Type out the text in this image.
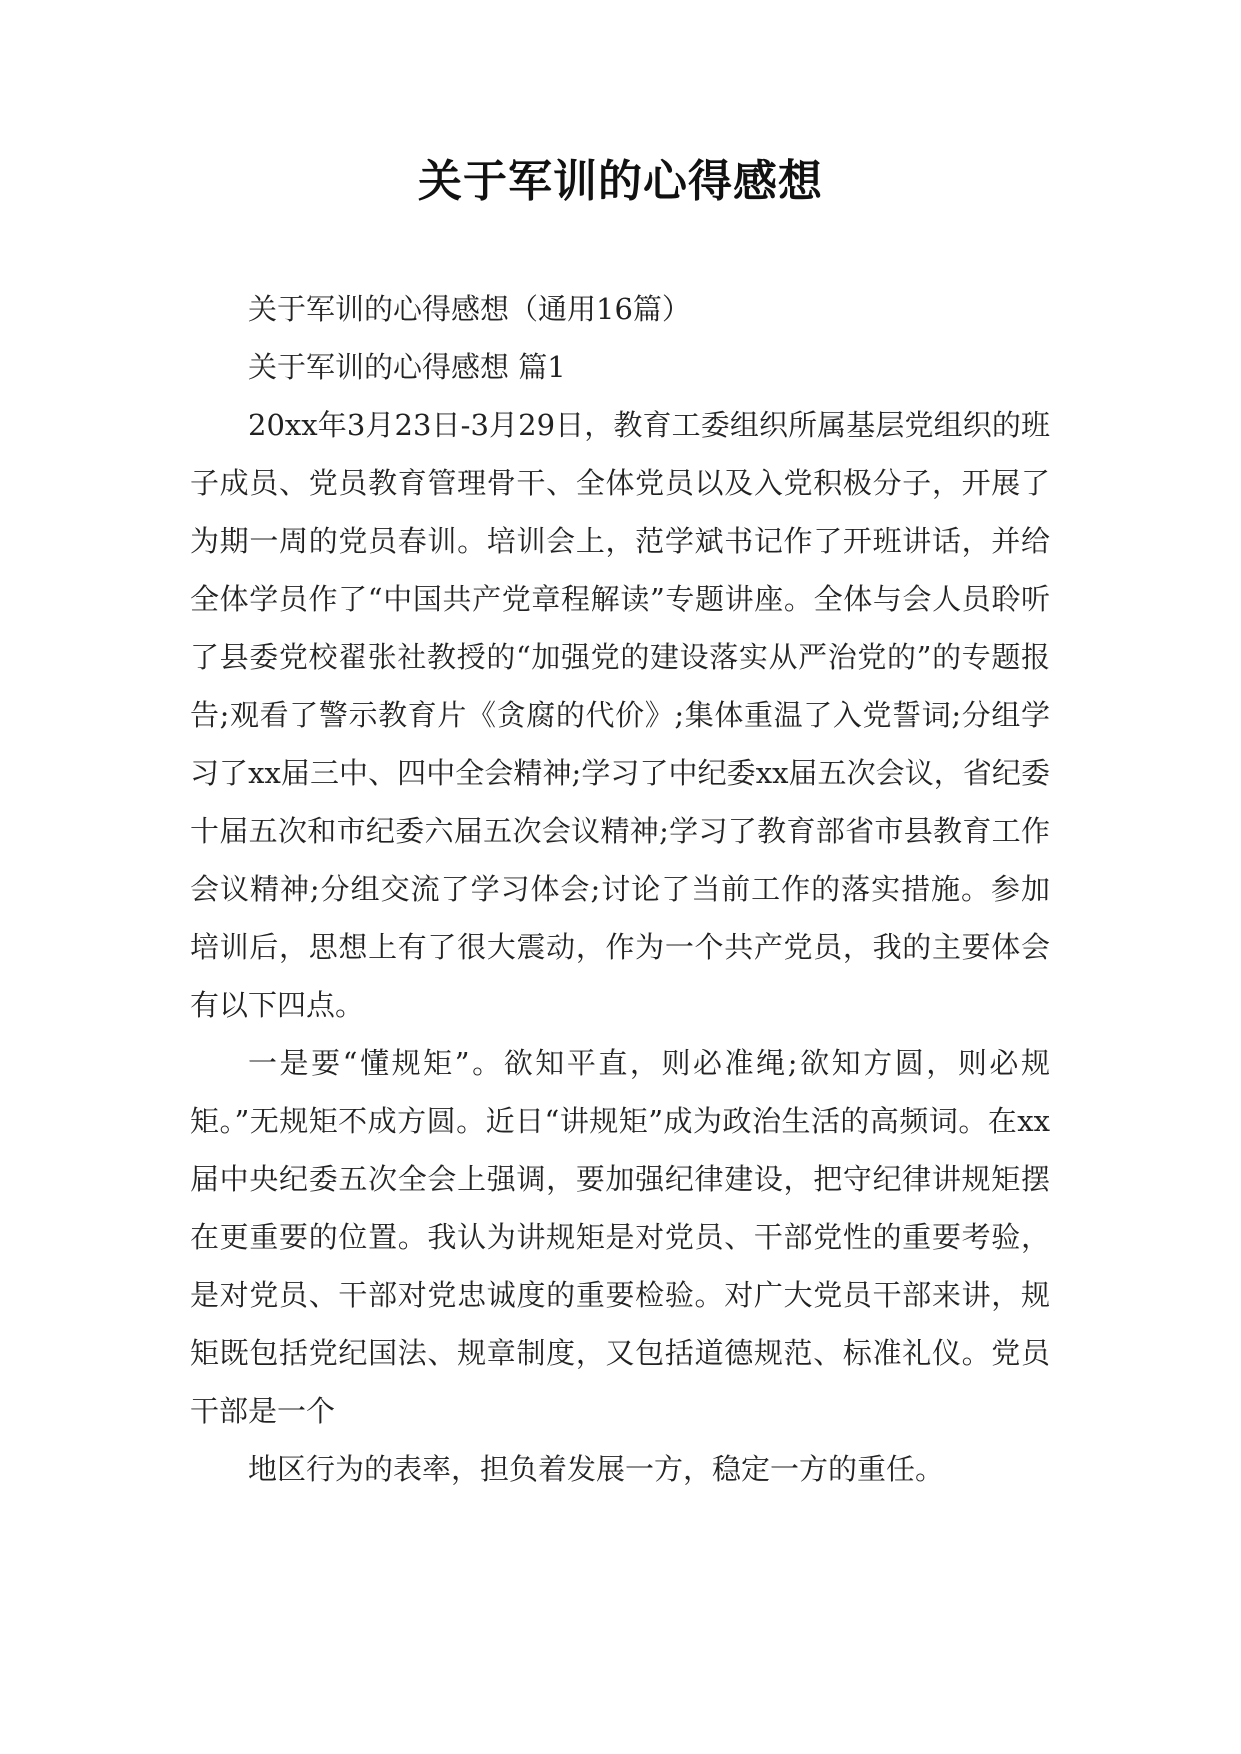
关于军训的心得感想

关于军训的心得感想（通用16篇）

关于军训的心得感想 篇1

20xx年3月23日-3月29日，教育工委组织所属基层党组织的班子成员、党员教育管理骨干、全体党员以及入党积极分子，开展了为期一周的党员春训。培训会上，范学斌书记作了开班讲话，并给全体学员作了“中国共产党章程解读”专题讲座。全体与会人员聆听了县委党校翟张社教授的“加强党的建设落实从严治党的”的专题报告;观看了警示教育片《贪腐的代价》;集体重温了入党誓词;分组学习了xx届三中、四中全会精神;学习了中纪委xx届五次会议，省纪委十届五次和市纪委六届五次会议精神;学习了教育部省市县教育工作会议精神;分组交流了学习体会;讨论了当前工作的落实措施。参加培训后，思想上有了很大震动，作为一个共产党员，我的主要体会有以下四点。

一是要“懂规矩”。欲知平直，则必准绳;欲知方圆，则必规矩。”无规矩不成方圆。近日“讲规矩”成为政治生活的高频词。在xx届中央纪委五次全会上强调，要加强纪律建设，把守纪律讲规矩摆在更重要的位置。我认为讲规矩是对党员、干部党性的重要考验，是对党员、干部对党忠诚度的重要检验。对广大党员干部来讲，规矩既包括党纪国法、规章制度，又包括道德规范、标准礼仪。党员干部是一个

地区行为的表率，担负着发展一方，稳定一方的重任。
